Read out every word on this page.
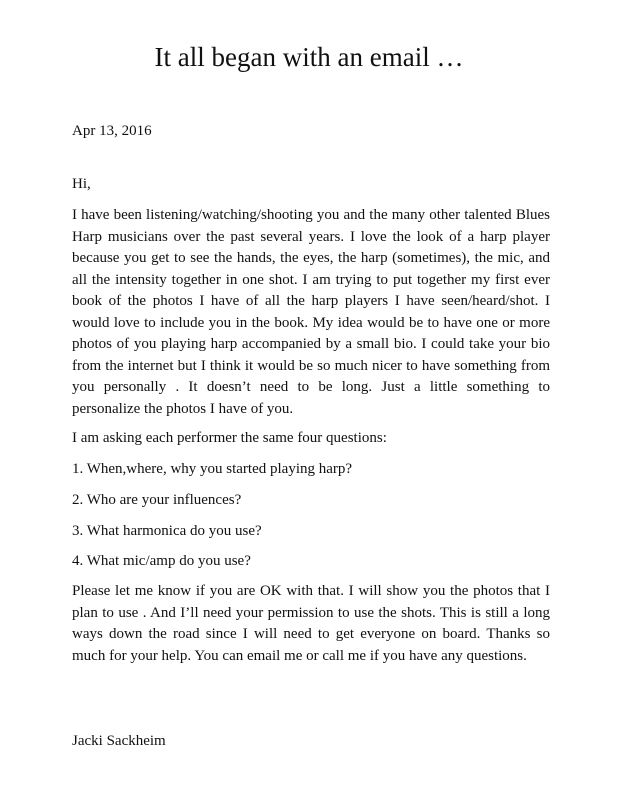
It all began with an email …
Apr 13, 2016
Hi,

I have been listening/watching/shooting you and the many other talented Blues Harp musicians over the past several years. I love the look of a harp player because you get to see the hands, the eyes, the harp (sometimes), the mic, and all the intensity together in one shot. I am trying to put together my first ever book of the photos I have of all the harp players I have seen/heard/shot. I would love to include you in the book. My idea would be to have one or more photos of you playing harp accompanied by a small bio. I could take your bio from the internet but I think it would be so much nicer to have something from you personally . It doesn’t need to be long. Just a little something to personalize the photos I have of you.

I am asking each performer the same four questions:

1. When,where, why you started playing harp?

2. Who are your influences?

3. What harmonica do you use?

4. What mic/amp do you use?

Please let me know if you are OK with that. I will show you the photos that I plan to use . And I’ll need your permission to use the shots. This is still a long ways down the road since I will need to get everyone on board. Thanks so much for your help. You can email me or call me if you have any questions.

Jacki Sackheim
